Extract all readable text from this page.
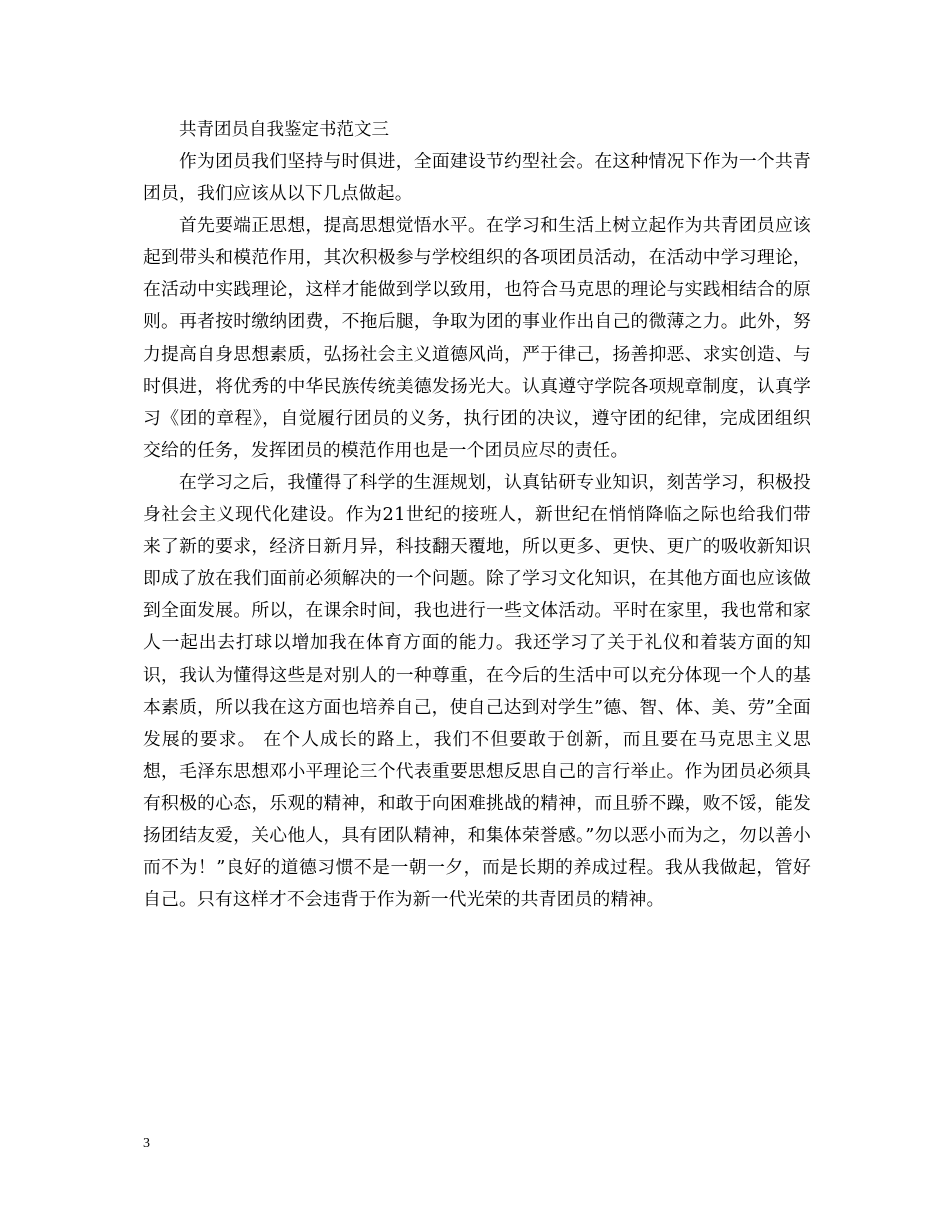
共青团员自我鉴定书范文三

作为团员我们坚持与时俱进，全面建设节约型社会。在这种情况下作为一个共青团员，我们应该从以下几点做起。

首先要端正思想，提高思想觉悟水平。在学习和生活上树立起作为共青团员应该起到带头和模范作用，其次积极参与学校组织的各项团员活动，在活动中学习理论，在活动中实践理论，这样才能做到学以致用，也符合马克思的理论与实践相结合的原则。再者按时缴纳团费，不拖后腿，争取为团的事业作出自己的微薄之力。此外，努力提高自身思想素质，弘扬社会主义道德风尚，严于律己，扬善抑恶、求实创造、与时俱进，将优秀的中华民族传统美德发扬光大。认真遵守学院各项规章制度，认真学习《团的章程》，自觉履行团员的义务，执行团的决议，遵守团的纪律，完成团组织交给的任务，发挥团员的模范作用也是一个团员应尽的责任。

在学习之后，我懂得了科学的生涯规划，认真钻研专业知识，刻苦学习，积极投身社会主义现代化建设。作为21世纪的接班人，新世纪在悄悄降临之际也给我们带来了新的要求，经济日新月异，科技翻天覆地，所以更多、更快、更广的吸收新知识即成了放在我们面前必须解决的一个问题。除了学习文化知识，在其他方面也应该做到全面发展。所以，在课余时间，我也进行一些文体活动。平时在家里，我也常和家人一起出去打球以增加我在体育方面的能力。我还学习了关于礼仪和着装方面的知识，我认为懂得这些是对别人的一种尊重，在今后的生活中可以充分体现一个人的基本素质，所以我在这方面也培养自己，使自己达到对学生”德、智、体、美、劳”全面发展的要求。 在个人成长的路上，我们不但要敢于创新，而且要在马克思主义思想，毛泽东思想邓小平理论三个代表重要思想反思自己的言行举止。作为团员必须具有积极的心态，乐观的精神，和敢于向困难挑战的精神，而且骄不躁，败不馁，能发扬团结友爱，关心他人，具有团队精神，和集体荣誉感。”勿以恶小而为之，勿以善小而不为！”良好的道德习惯不是一朝一夕，而是长期的养成过程。我从我做起，管好自己。只有这样才不会违背于作为新一代光荣的共青团员的精神。

3
